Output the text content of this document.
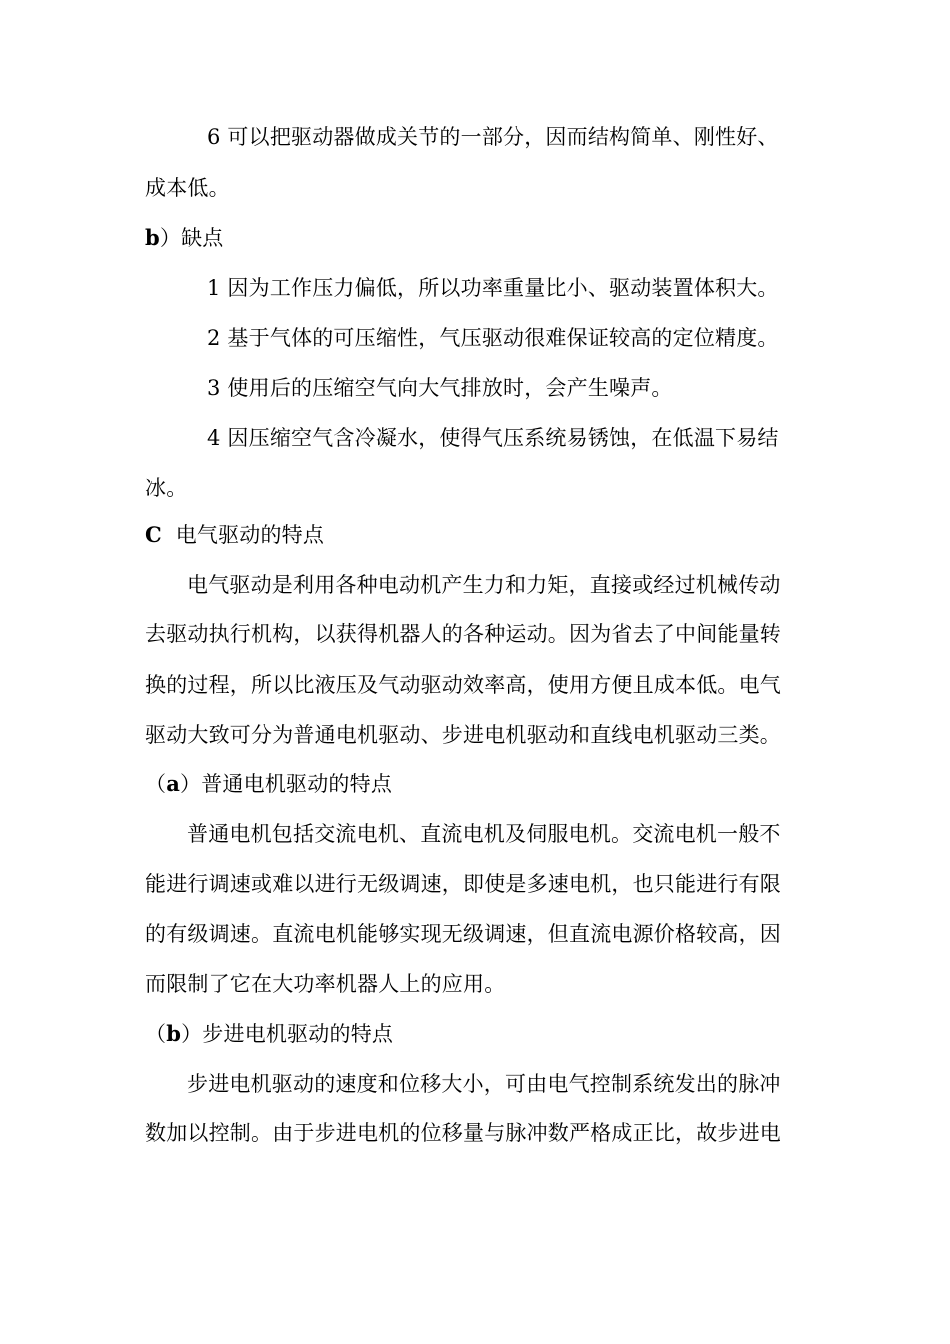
6 可以把驱动器做成关节的一部分，因而结构简单、刚性好、
成本低。
b）缺点
1 因为工作压力偏低，所以功率重量比小、驱动装置体积大。
2 基于气体的可压缩性，气压驱动很难保证较高的定位精度。
3 使用后的压缩空气向大气排放时，会产生噪声。
4 因压缩空气含冷凝水，使得气压系统易锈蚀，在低温下易结
冰。
C 电气驱动的特点
电气驱动是利用各种电动机产生力和力矩，直接或经过机械传动
去驱动执行机构，以获得机器人的各种运动。因为省去了中间能量转
换的过程，所以比液压及气动驱动效率高，使用方便且成本低。电气
驱动大致可分为普通电机驱动、步进电机驱动和直线电机驱动三类。
（a）普通电机驱动的特点
普通电机包括交流电机、直流电机及伺服电机。交流电机一般不
能进行调速或难以进行无级调速，即使是多速电机，也只能进行有限
的有级调速。直流电机能够实现无级调速，但直流电源价格较高，因
而限制了它在大功率机器人上的应用。
（b）步进电机驱动的特点
步进电机驱动的速度和位移大小，可由电气控制系统发出的脉冲
数加以控制。由于步进电机的位移量与脉冲数严格成正比，故步进电
